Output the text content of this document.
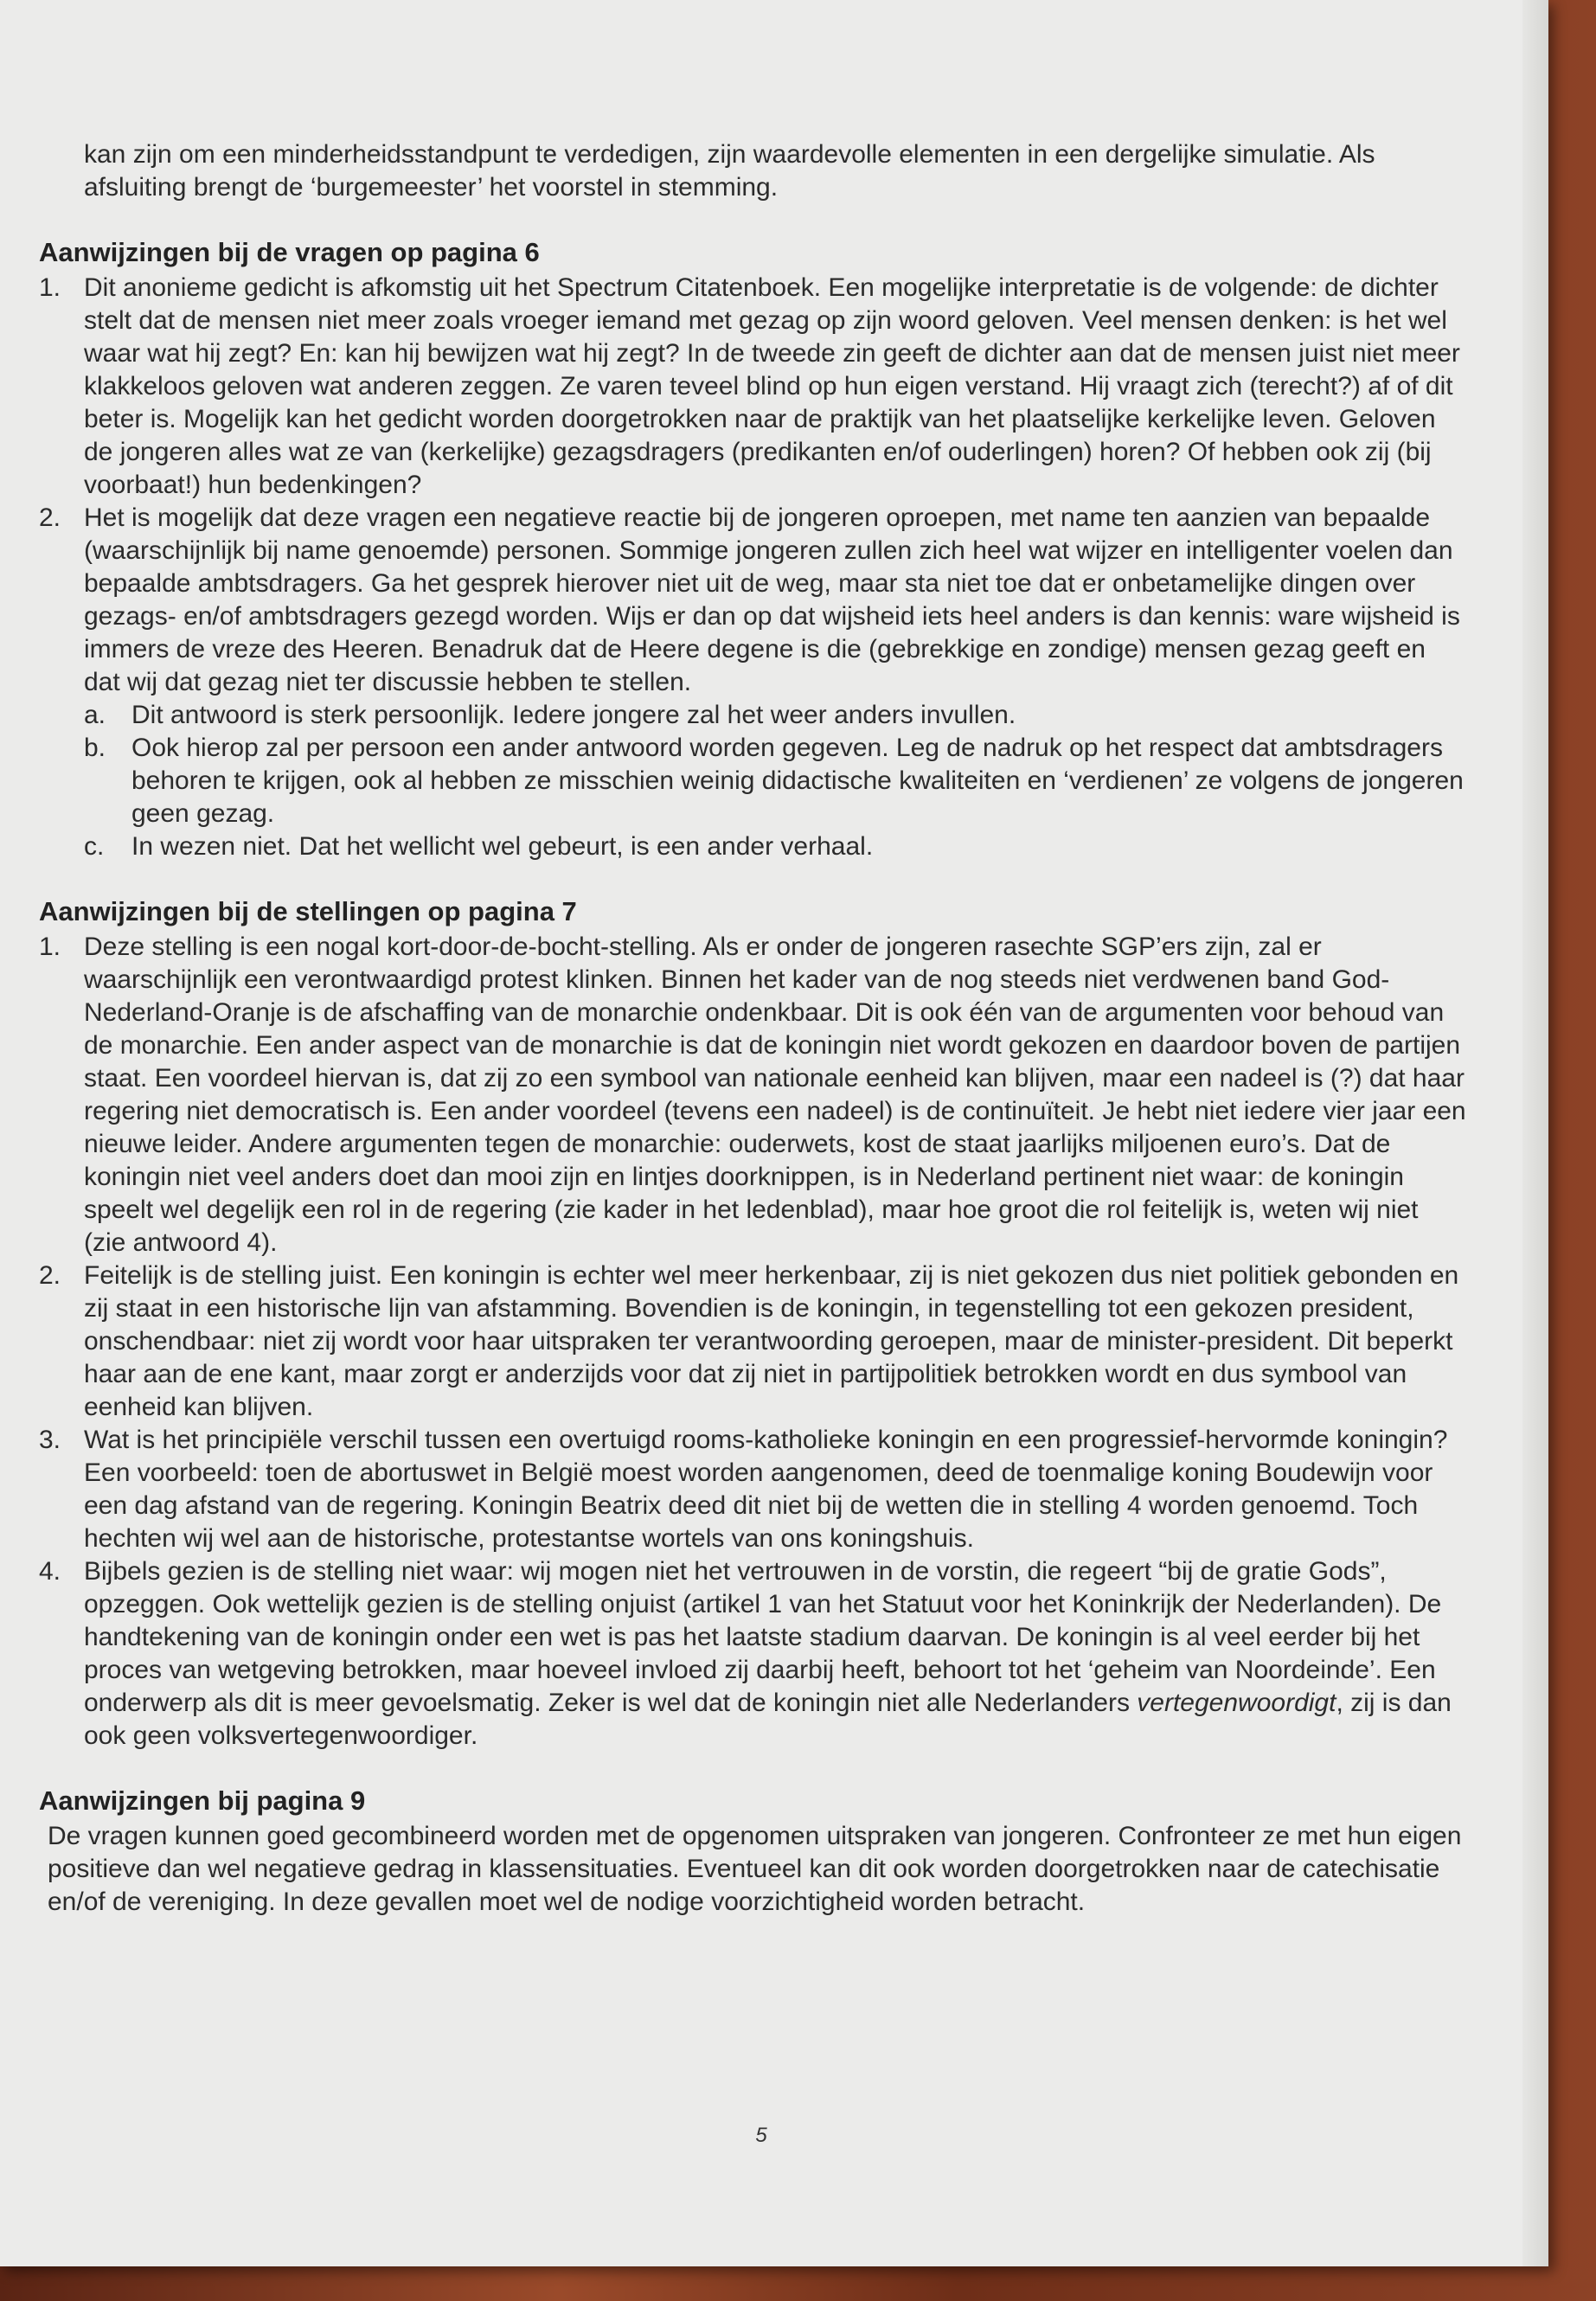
kan zijn om een minderheidsstandpunt te verdedigen, zijn waardevolle elementen in een dergelijke simulatie. Als afsluiting brengt de ‘burgemeester’ het voorstel in stemming.

Aanwijzingen bij de vragen op pagina 6
1. Dit anonieme gedicht is afkomstig uit het Spectrum Citatenboek. Een mogelijke interpretatie is de volgende: de dichter stelt dat de mensen niet meer zoals vroeger iemand met gezag op zijn woord geloven. Veel mensen denken: is het wel waar wat hij zegt? En: kan hij bewijzen wat hij zegt? In de tweede zin geeft de dichter aan dat de mensen juist niet meer klakkeloos geloven wat anderen zeggen. Ze varen teveel blind op hun eigen verstand. Hij vraagt zich (terecht?) af of dit beter is. Mogelijk kan het gedicht worden doorgetrokken naar de praktijk van het plaatselijke kerkelijke leven. Geloven de jongeren alles wat ze van (kerkelijke) gezagsdragers (predikanten en/of ouderlingen) horen? Of hebben ook zij (bij voorbaat!) hun bedenkingen?
2. Het is mogelijk dat deze vragen een negatieve reactie bij de jongeren oproepen, met name ten aanzien van bepaalde (waarschijnlijk bij name genoemde) personen. Sommige jongeren zullen zich heel wat wijzer en intelligenter voelen dan bepaalde ambtsdragers. Ga het gesprek hierover niet uit de weg, maar sta niet toe dat er onbetamelijke dingen over gezags- en/of ambtsdragers gezegd worden. Wijs er dan op dat wijsheid iets heel anders is dan kennis: ware wijsheid is immers de vreze des Heeren. Benadruk dat de Heere degene is die (gebrekkige en zondige) mensen gezag geeft en dat wij dat gezag niet ter discussie hebben te stellen.
a. Dit antwoord is sterk persoonlijk. Iedere jongere zal het weer anders invullen.
b. Ook hierop zal per persoon een ander antwoord worden gegeven. Leg de nadruk op het respect dat ambtsdragers behoren te krijgen, ook al hebben ze misschien weinig didactische kwaliteiten en ‘verdienen’ ze volgens de jongeren geen gezag.
c. In wezen niet. Dat het wellicht wel gebeurt, is een ander verhaal.
Aanwijzingen bij de stellingen op pagina 7
1. Deze stelling is een nogal kort-door-de-bocht-stelling. Als er onder de jongeren rasechte SGP’ers zijn, zal er waarschijnlijk een verontwaardigd protest klinken. Binnen het kader van de nog steeds niet verdwenen band God-Nederland-Oranje is de afschaffing van de monarchie ondenkbaar. Dit is ook één van de argumenten voor behoud van de monarchie. Een ander aspect van de monarchie is dat de koningin niet wordt gekozen en daardoor boven de partijen staat. Een voordeel hiervan is, dat zij zo een symbool van nationale eenheid kan blijven, maar een nadeel is (?) dat haar regering niet democratisch is. Een ander voordeel (tevens een nadeel) is de continuïteit. Je hebt niet iedere vier jaar een nieuwe leider. Andere argumenten tegen de monarchie: ouderwets, kost de staat jaarlijks miljoenen euro’s. Dat de koningin niet veel anders doet dan mooi zijn en lintjes doorknippen, is in Nederland pertinent niet waar: de koningin speelt wel degelijk een rol in de regering (zie kader in het ledenblad), maar hoe groot die rol feitelijk is, weten wij niet (zie antwoord 4).
2. Feitelijk is de stelling juist. Een koningin is echter wel meer herkenbaar, zij is niet gekozen dus niet politiek gebonden en zij staat in een historische lijn van afstamming. Bovendien is de koningin, in tegenstelling tot een gekozen president, onschendbaar: niet zij wordt voor haar uitspraken ter verantwoording geroepen, maar de minister-president. Dit beperkt haar aan de ene kant, maar zorgt er anderzijds voor dat zij niet in partijpolitiek betrokken wordt en dus symbool van eenheid kan blijven.
3. Wat is het principiële verschil tussen een overtuigd rooms-katholieke koningin en een progressief-hervormde koningin? Een voorbeeld: toen de abortuswet in België moest worden aangenomen, deed de toenmalige koning Boudewijn voor een dag afstand van de regering. Koningin Beatrix deed dit niet bij de wetten die in stelling 4 worden genoemd. Toch hechten wij wel aan de historische, protestantse wortels van ons koningshuis.
4. Bijbels gezien is de stelling niet waar: wij mogen niet het vertrouwen in de vorstin, die regeert “bij de gratie Gods”, opzeggen. Ook wettelijk gezien is de stelling onjuist (artikel 1 van het Statuut voor het Koninkrijk der Nederlanden). De handtekening van de koningin onder een wet is pas het laatste stadium daarvan. De koningin is al veel eerder bij het proces van wetgeving betrokken, maar hoeveel invloed zij daarbij heeft, behoort tot het ‘geheim van Noordeinde’. Een onderwerp als dit is meer gevoelsmatig. Zeker is wel dat de koningin niet alle Nederlanders vertegenwoordigt, zij is dan ook geen volksvertegenwoordiger.
Aanwijzingen bij pagina 9

De vragen kunnen goed gecombineerd worden met de opgenomen uitspraken van jongeren. Confronteer ze met hun eigen positieve dan wel negatieve gedrag in klassensituaties. Eventueel kan dit ook worden doorgetrokken naar de catechisatie en/of de vereniging. In deze gevallen moet wel de nodige voorzichtigheid worden betracht.

5
